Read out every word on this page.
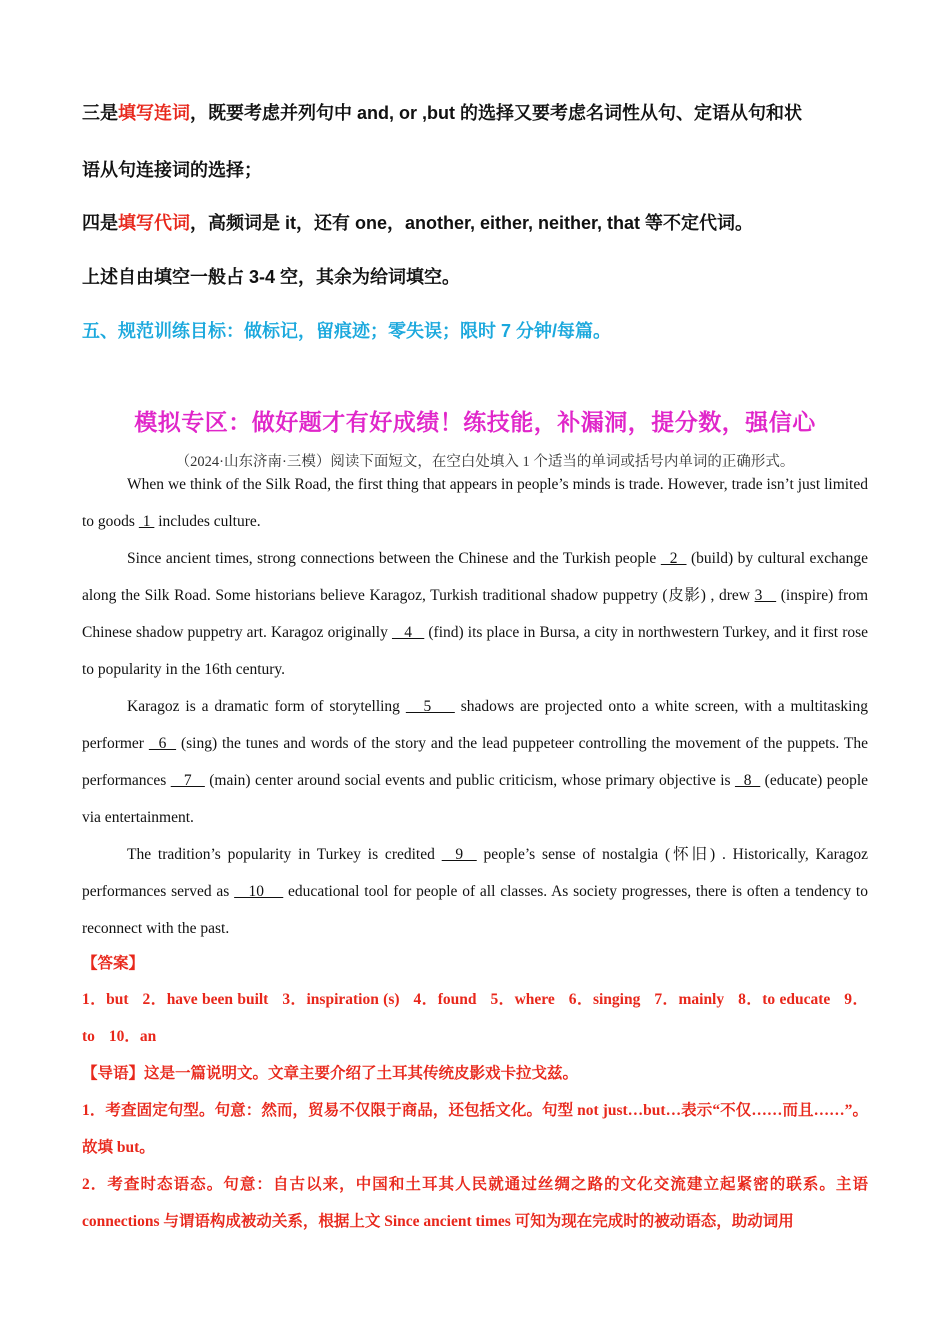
三是填写连词，既要考虑并列句中 and, or ,but 的选择又要考虑名词性从句、定语从句和状

语从句连接词的选择；

四是填写代词，高频词是 it，还有 one，another, either, neither, that 等不定代词。

上述自由填空一般占 3-4 空，其余为给词填空。

五、规范训练目标：做标记，留痕迹；零失误；限时 7 分钟/每篇。

模拟专区：做好题才有好成绩！练技能，补漏洞，提分数，强信心
（2024·山东济南·三模）阅读下面短文，在空白处填入 1 个适当的单词或括号内单词的正确形式。

When we think of the Silk Road, the first thing that appears in people’s minds is trade. However, trade isn’t just limited to goods  1  includes culture.

Since ancient times, strong connections between the Chinese and the Turkish people   2   (build) by cultural exchange along the Silk Road. Some historians believe Karagoz, Turkish traditional shadow puppetry (皮影) , drew 3    (inspire) from Chinese shadow puppetry art. Karagoz originally    4    (find) its place in Bursa, a city in northwestern Turkey, and it first rose to popularity in the 16th century.

Karagoz is a dramatic form of storytelling    5     shadows are projected onto a white screen, with a multitasking performer   6   (sing) the tunes and words of the story and the lead puppeteer controlling the movement of the puppets. The performances    7    (main) center around social events and public criticism, whose primary objective is   8   (educate) people via entertainment.

The tradition’s popularity in Turkey is credited   9   people’s sense of nostalgia (怀旧) . Historically, Karagoz performances served as    10     educational tool for people of all classes. As society progresses, there is often a tendency to reconnect with the past.

【答案】

1．but 2．have been built 3．inspiration (s) 4．found 5．where 6．singing 7．mainly 8．to educate 9．to 10．an

【导语】这是一篇说明文。文章主要介绍了土耳其传统皮影戏卡拉戈兹。

1．考查固定句型。句意：然而，贸易不仅限于商品，还包括文化。句型 not just…but…表示“不仅……而且……”。故填 but。

2．考查时态语态。句意：自古以来，中国和土耳其人民就通过丝绸之路的文化交流建立起紧密的联系。主语 connections 与谓语构成被动关系，根据上文 Since ancient times 可知为现在完成时的被动语态，助动词用
